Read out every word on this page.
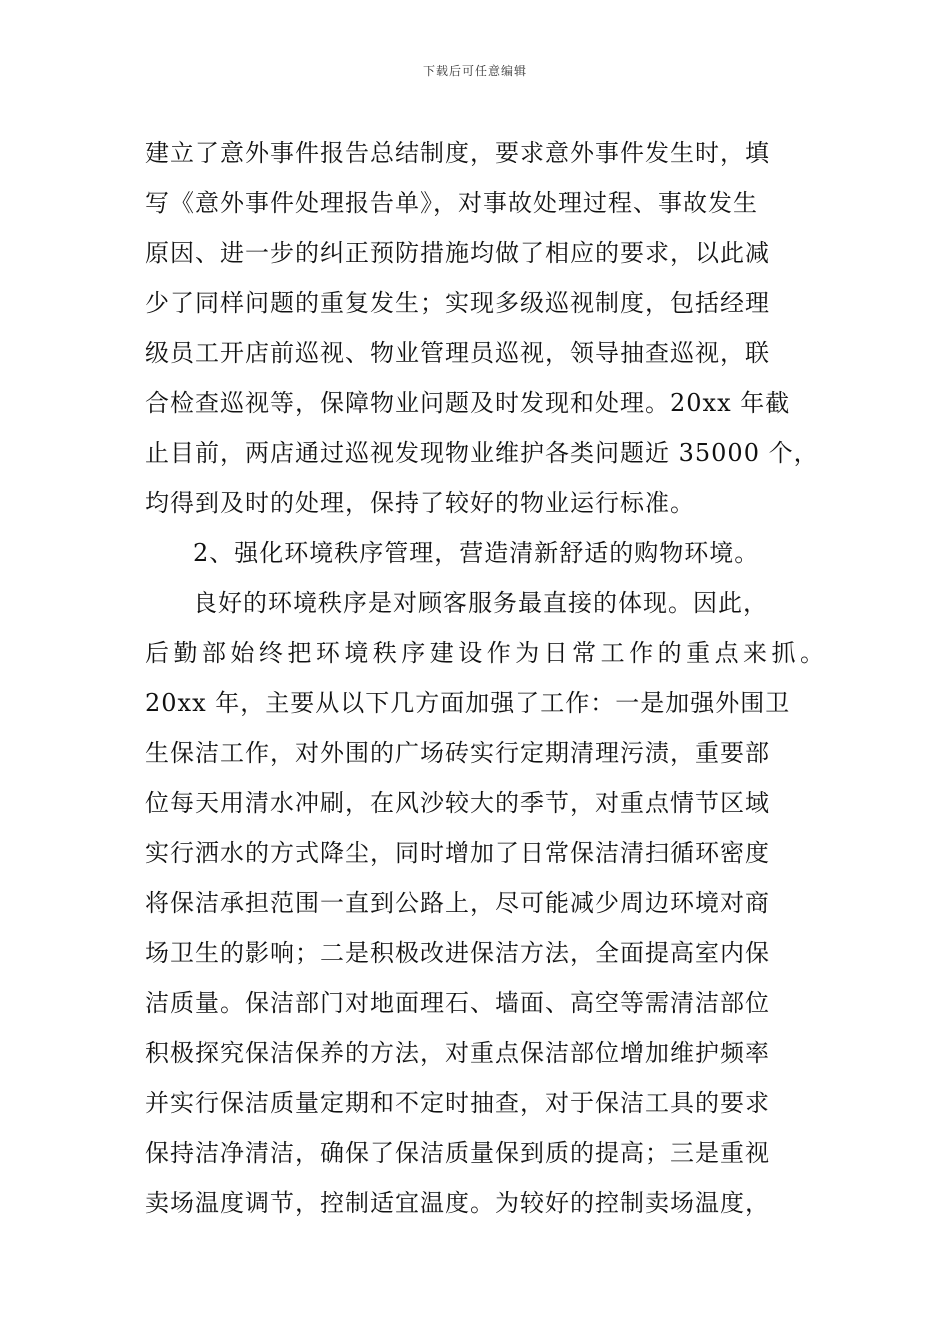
下载后可任意编辑
建立了意外事件报告总结制度，要求意外事件发生时，填
写《意外事件处理报告单》，对事故处理过程、事故发生
原因、进一步的纠正预防措施均做了相应的要求，以此减
少了同样问题的重复发生；实现多级巡视制度，包括经理
级员工开店前巡视、物业管理员巡视，领导抽查巡视，联
合检查巡视等，保障物业问题及时发现和处理。20xx 年截
止目前，两店通过巡视发现物业维护各类问题近 35000 个，
均得到及时的处理，保持了较好的物业运行标准。
2、强化环境秩序管理，营造清新舒适的购物环境。
良好的环境秩序是对顾客服务最直接的体现。因此，
后勤部始终把环境秩序建设作为日常工作的重点来抓。
20xx 年，主要从以下几方面加强了工作：一是加强外围卫
生保洁工作，对外围的广场砖实行定期清理污渍，重要部
位每天用清水冲刷，在风沙较大的季节，对重点情节区域
实行洒水的方式降尘，同时增加了日常保洁清扫循环密度
将保洁承担范围一直到公路上，尽可能减少周边环境对商
场卫生的影响；二是积极改进保洁方法，全面提高室内保
洁质量。保洁部门对地面理石、墙面、高空等需清洁部位
积极探究保洁保养的方法，对重点保洁部位增加维护频率
并实行保洁质量定期和不定时抽查，对于保洁工具的要求
保持洁净清洁，确保了保洁质量保到质的提高；三是重视
卖场温度调节，控制适宜温度。为较好的控制卖场温度，
